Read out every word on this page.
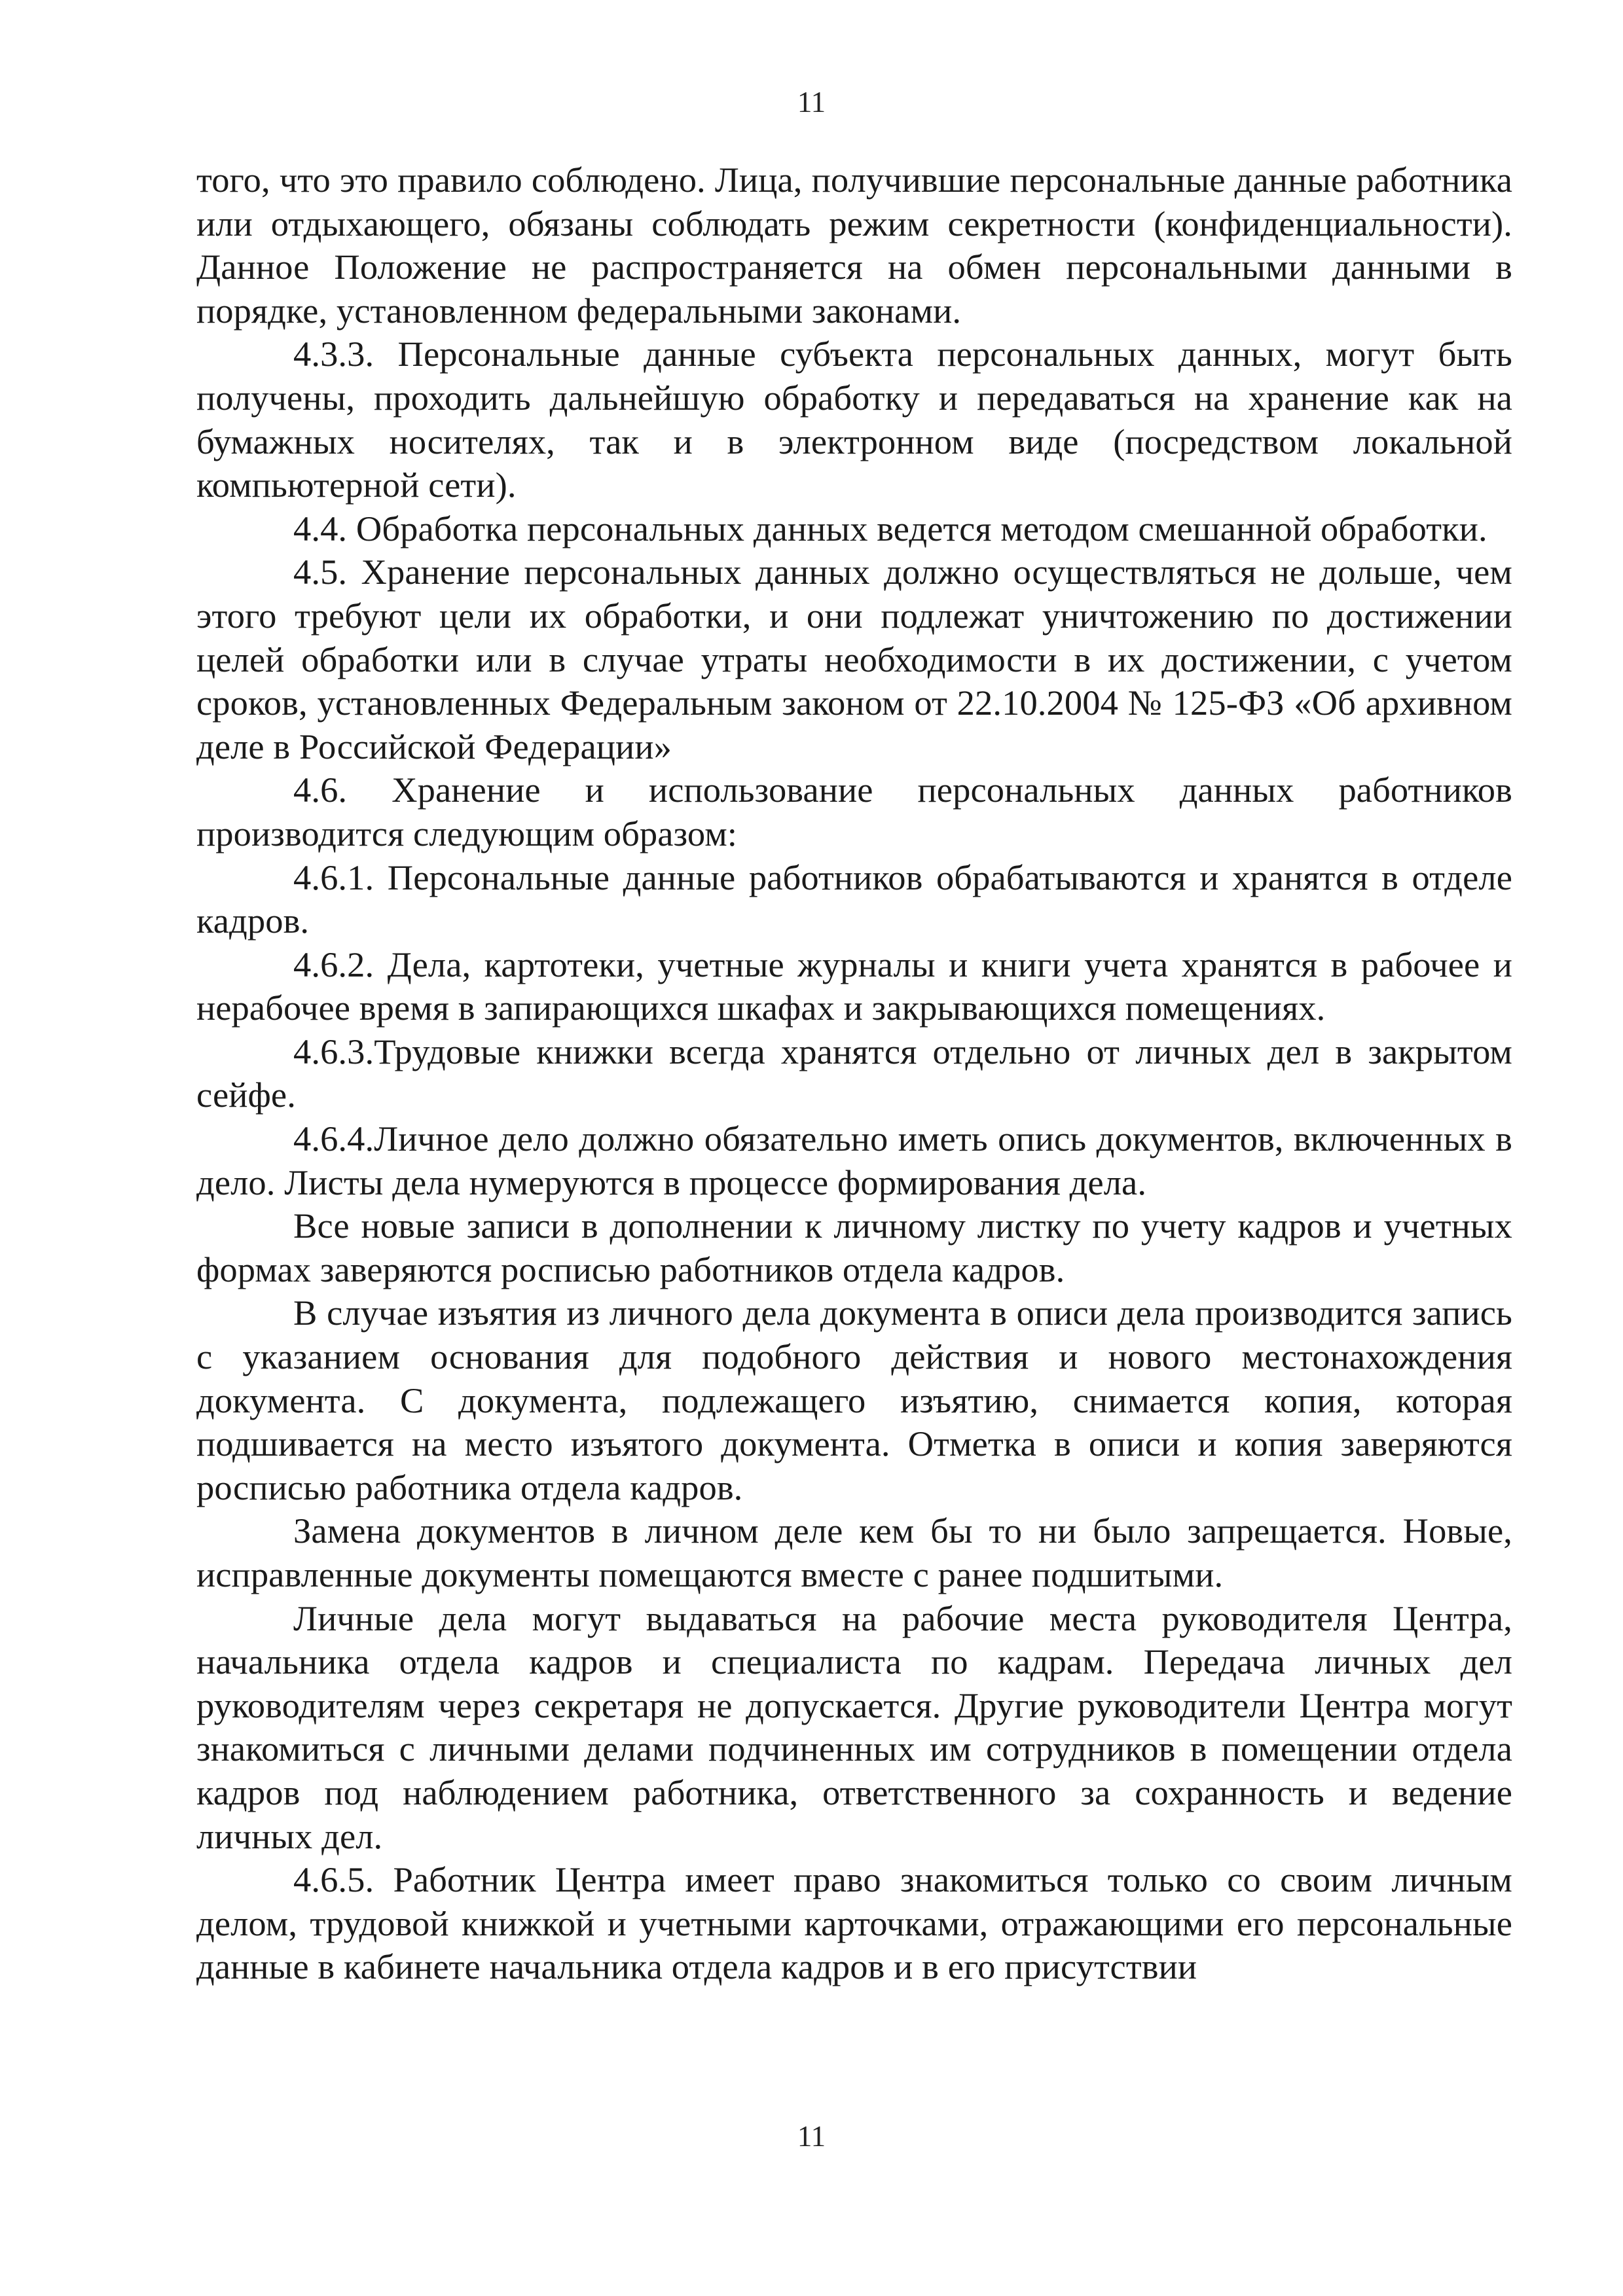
11

того, что это правило соблюдено. Лица, получившие персональные данные работника или отдыхающего, обязаны соблюдать режим секретности (конфиденциальности). Данное Положение не распространяется на обмен персональными данными в порядке, установленном федеральными законами.

4.3.3. Персональные данные субъекта персональных данных, могут быть получены, проходить дальнейшую обработку и передаваться на хранение как на бумажных носителях, так и в электронном виде (посредством локальной компьютерной сети).

4.4. Обработка персональных данных ведется методом смешанной обработки.

4.5. Хранение персональных данных должно осуществляться не дольше, чем этого требуют цели их обработки, и они подлежат уничтожению по достижении целей обработки или в случае утраты необходимости в их достижении, с учетом сроков, установленных Федеральным законом от 22.10.2004 № 125-ФЗ «Об архивном деле в Российской Федерации»

4.6. Хранение и использование персональных данных работников производится следующим образом:

4.6.1. Персональные данные работников обрабатываются и хранятся в отделе кадров.

4.6.2. Дела, картотеки, учетные журналы и книги учета хранятся в рабочее и нерабочее время в запирающихся шкафах и закрывающихся помещениях.

4.6.3.Трудовые книжки всегда хранятся отдельно от личных дел в закрытом сейфе.

4.6.4.Личное дело должно обязательно иметь опись документов, включенных в дело. Листы дела нумеруются в процессе формирования дела.

Все новые записи в дополнении к личному листку по учету кадров и учетных формах заверяются росписью работников отдела кадров.

В случае изъятия из личного дела документа в описи дела производится запись с указанием основания для подобного действия и нового местонахождения документа. С документа, подлежащего изъятию, снимается копия, которая подшивается на место изъятого документа. Отметка в описи и копия заверяются росписью работника отдела кадров.

Замена документов в личном деле кем бы то ни было запрещается. Новые, исправленные документы помещаются вместе с ранее подшитыми.

Личные дела могут выдаваться на рабочие места руководителя Центра, начальника отдела кадров и специалиста по кадрам. Передача личных дел руководителям через секретаря не допускается. Другие руководители Центра могут знакомиться с личными делами подчиненных им сотрудников в помещении отдела кадров под наблюдением работника, ответственного за сохранность и ведение личных дел.

4.6.5. Работник Центра имеет право знакомиться только со своим личным делом, трудовой книжкой и учетными карточками, отражающими его персональные данные в кабинете начальника отдела кадров и в его присутствии

11
